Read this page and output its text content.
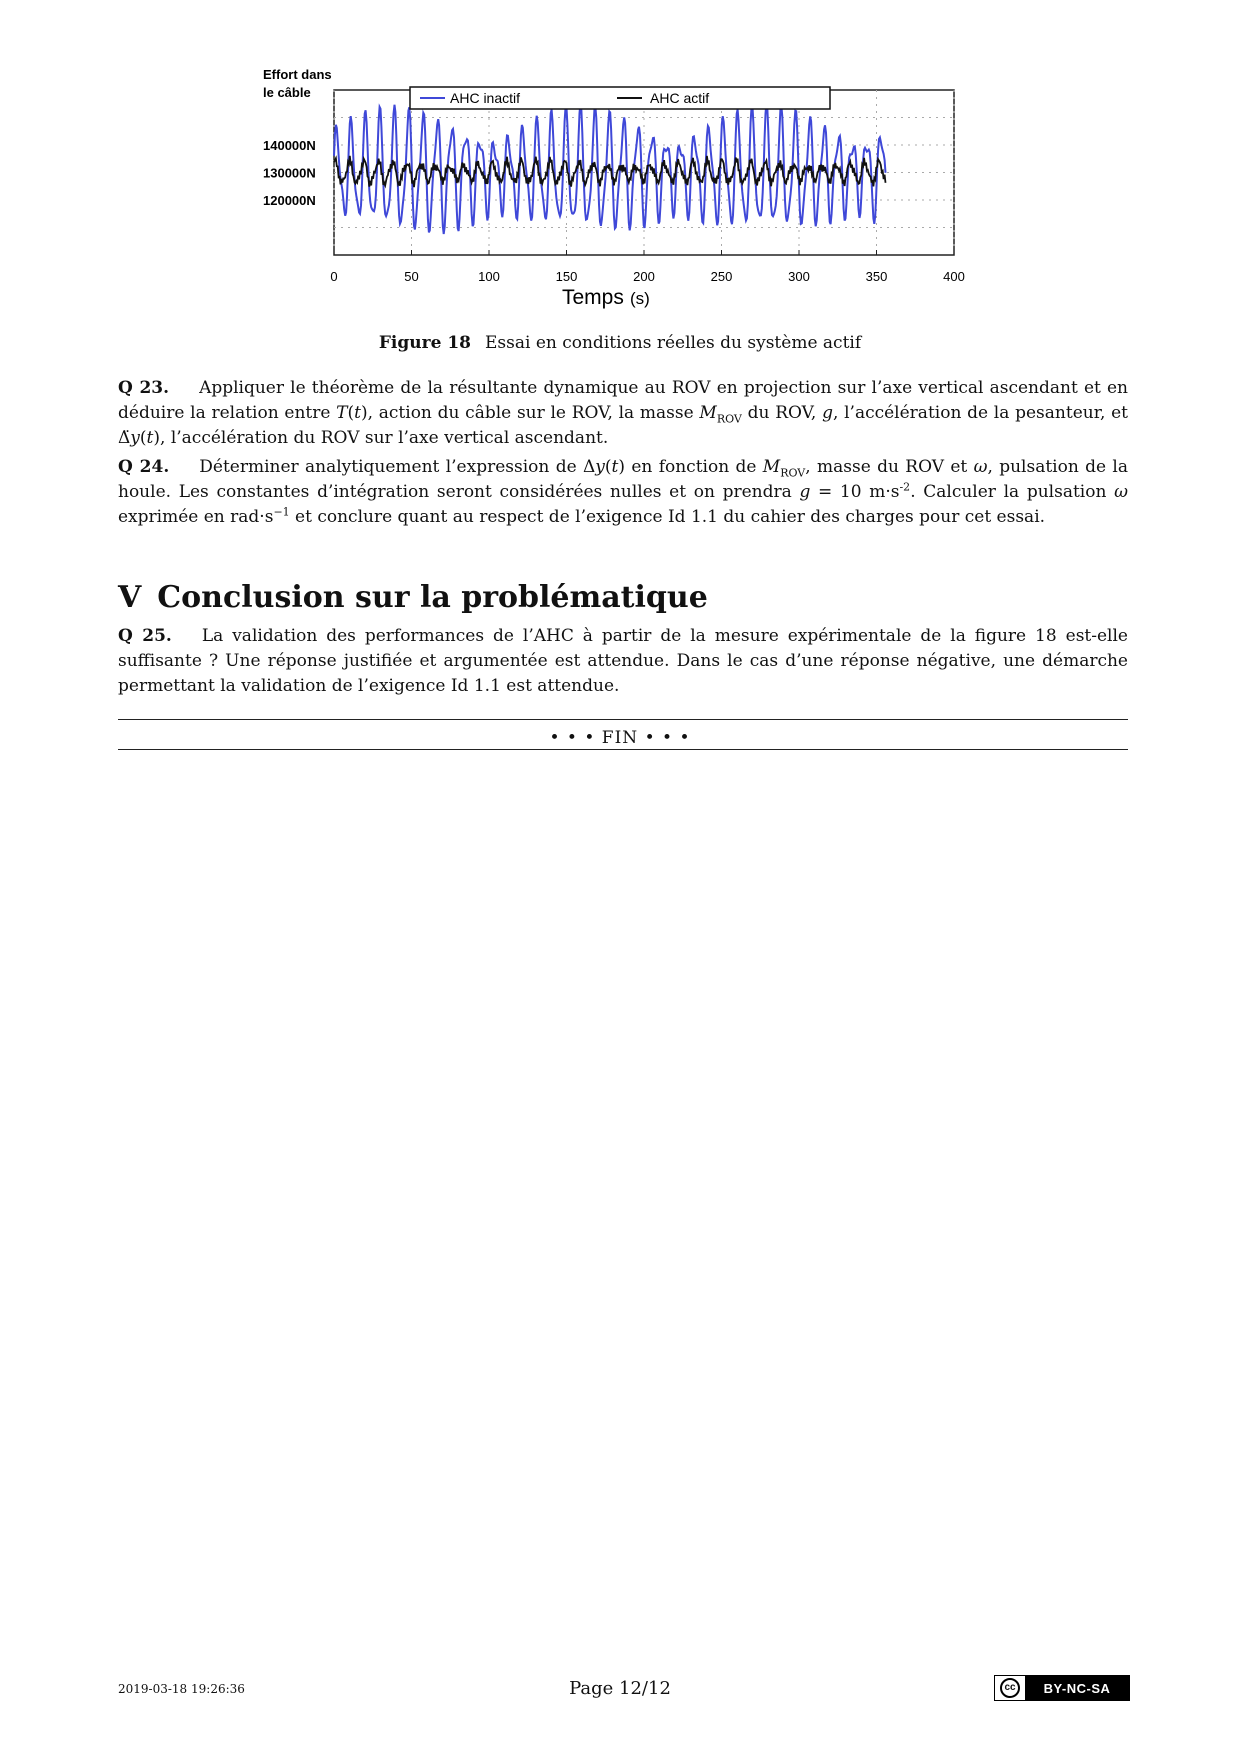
Effort dans
le câble
0	50	100	150	200	250	300	350	400
140000N
130000N
120000N
AHC inactif	AHC actif
Temps (s)
Figure 18 Essai en conditions réelles du système actif
Q 23. Appliquer le théorème de la résultante dynamique au ROV en projection sur l’axe vertical ascendant et en déduire la relation entre T(t), action du câble sur le ROV, la masse $M_{ROV}$ du ROV, g, l’accélération de la pesanteur, et Δ̈y(t), l’accélération du ROV sur l’axe vertical ascendant.
Q 24. Déterminer analytiquement l’expression de Δy(t) en fonction de $M_{ROV}$, masse du ROV et ω, pulsation de la houle. Les constantes d’intégration seront considérées nulles et on prendra g = 10 $m\cdot s^{-2}$. Calculer la pulsation ω exprimée en $rad\cdot s^{-1}$ et conclure quant au respect de l’exigence Id 1.1 du cahier des charges pour cet essai.
V Conclusion sur la problématique
Q 25. La validation des performances de l’AHC à partir de la mesure expérimentale de la figure 18 est-elle suffisante ? Une réponse justifiée et argumentée est attendue. Dans le cas d’une réponse négative, une démarche permettant la validation de l’exigence Id 1.1 est attendue.
• • • FIN • • •
2019-03-18 19:26:36	Page 12/12	cc	BY-NC-SA
